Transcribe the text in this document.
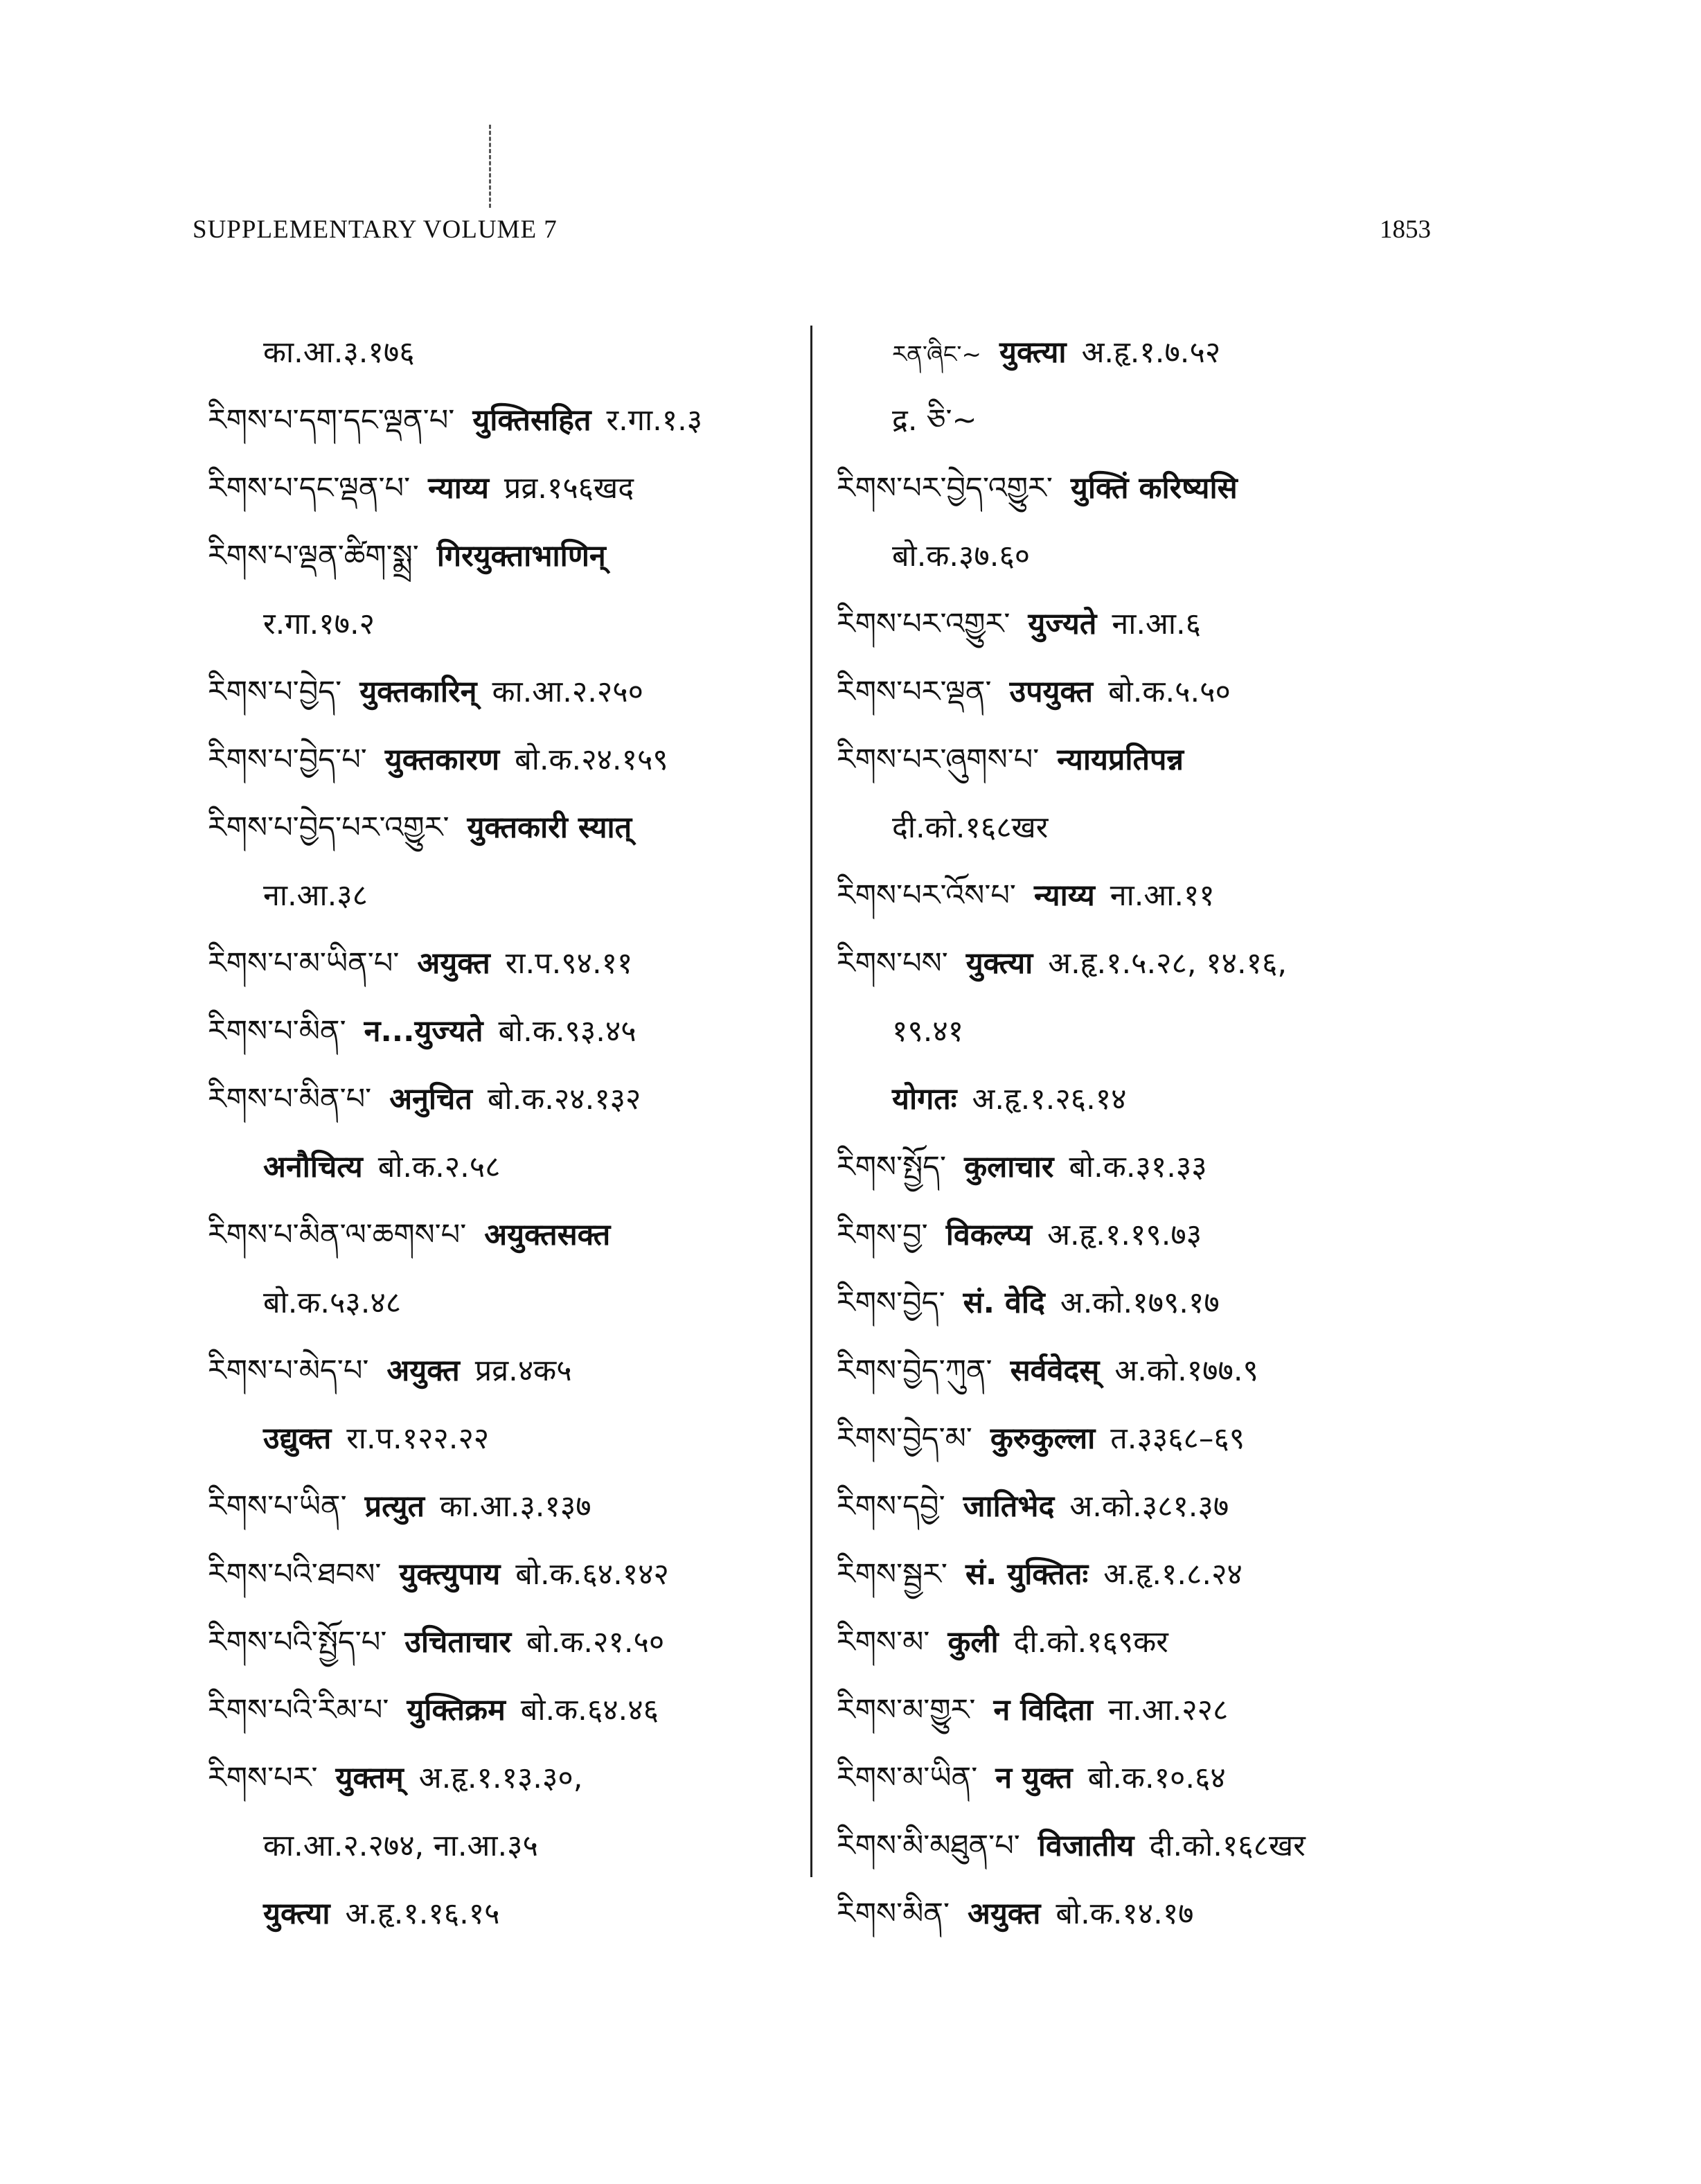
SUPPLEMENTARY VOLUME 7	1853
का.आ.३.१७६
རིགས་པ་དག་དང་ལྡན་པ་ युक्तिसहित र.गा.१.३
རིགས་པ་དང་ལྡན་པ་ न्याय्य प्रव्र.१५६खद
རིགས་པ་ལྡན་ཚིག་སྨྲ་ गिरयुक्ताभाणिन्
र.गा.१७.२
རིགས་པ་བྱེད་ युक्तकारिन् का.आ.२.२५०
རིགས་པ་བྱེད་པ་ युक्तकारण बो.क.२४.१५९
རིགས་པ་བྱེད་པར་འགྱུར་ युक्तकारी स्यात्
ना.आ.३८
རིགས་པ་མ་ཡིན་པ་ अयुक्त रा.प.९४.११
རིགས་པ་མིན་ न...युज्यते बो.क.९३.४५
རིགས་པ་མིན་པ་ अनुचित बो.क.२४.१३२
अनौचित्य बो.क.२.५८
རིགས་པ་མིན་ལ་ཆགས་པ་ अयुक्तसक्त
बो.क.५३.४८
རིགས་པ་མེད་པ་ अयुक्त प्रव्र.४क५
उद्युक्त रा.प.१२२.२२
རིགས་པ་ཡིན་ प्रत्युत का.आ.३.१३७
རིགས་པའི་ཐབས་ युक्त्युपाय बो.क.६४.१४२
རིགས་པའི་སྤྱོད་པ་ उचिताचार बो.क.२१.५०
རིགས་པའི་རིམ་པ་ युक्तिक्रम बो.क.६४.४६
རིགས་པར་ युक्तम् अ.हृ.१.१३.३०,
का.आ.२.२७४, ना.आ.३५
युक्त्या अ.हृ.१.१६.१५
རན་ཞིང་~ युक्त्या अ.हृ.१.७.५२
द्र. ཅི་~
རིགས་པར་བྱེད་འགྱུར་ युक्तिं करिष्यसि
बो.क.३७.६०
རིགས་པར་འགྱུར་ युज्यते ना.आ.६
རིགས་པར་ལྡན་ उपयुक्त बो.क.५.५०
རིགས་པར་ཞུགས་པ་ न्यायप्रतिपन्न
दी.को.१६८खर
རིགས་པར་འོས་པ་ न्याय्य ना.आ.११
རིགས་པས་ युक्त्या अ.हृ.१.५.२८, १४.१६,
१९.४१
योगतः अ.हृ.१.२६.१४
རིགས་སྤྱོད་ कुलाचार बो.क.३१.३३
རིགས་བྱ་ विकल्प्य अ.हृ.१.१९.७३
རིགས་བྱེད་ सं. वेदि अ.को.१७९.१७
རིགས་བྱེད་ཀུན་ सर्ववेदस् अ.को.१७७.९
རིགས་བྱེད་མ་ कुरुकुल्ला त.३३६८–६९
རིགས་དབྱེ་ जातिभेद अ.को.३८१.३७
རིགས་སྦྱར་ सं. युक्तितः अ.हृ.१.८.२४
རིགས་མ་ कुली दी.को.१६९कर
རིགས་མ་གྱུར་ न विदिता ना.आ.२२८
རིགས་མ་ཡིན་ न युक्त बो.क.१०.६४
རིགས་མི་མཐུན་པ་ विजातीय दी.को.१६८खर
རིགས་མིན་ अयुक्त बो.क.१४.१७
